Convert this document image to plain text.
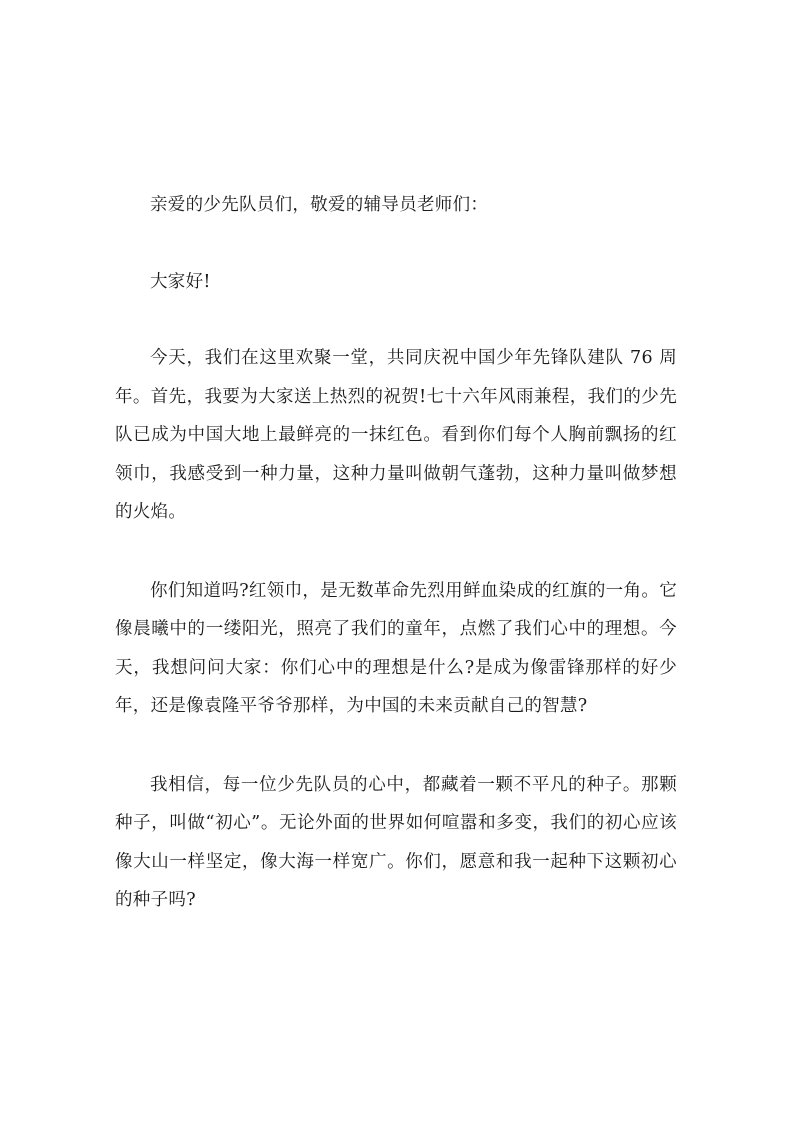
亲爱的少先队员们，敬爱的辅导员老师们：

大家好!

今天，我们在这里欢聚一堂，共同庆祝中国少年先锋队建队 76 周年。首先，我要为大家送上热烈的祝贺!七十六年风雨兼程，我们的少先队已成为中国大地上最鲜亮的一抹红色。看到你们每个人胸前飘扬的红领巾，我感受到一种力量，这种力量叫做朝气蓬勃，这种力量叫做梦想的火焰。

你们知道吗?红领巾，是无数革命先烈用鲜血染成的红旗的一角。它像晨曦中的一缕阳光，照亮了我们的童年，点燃了我们心中的理想。今天，我想问问大家：你们心中的理想是什么?是成为像雷锋那样的好少年，还是像袁隆平爷爷那样，为中国的未来贡献自己的智慧?

我相信，每一位少先队员的心中，都藏着一颗不平凡的种子。那颗种子，叫做“初心”。无论外面的世界如何喧嚣和多变，我们的初心应该像大山一样坚定，像大海一样宽广。你们，愿意和我一起种下这颗初心的种子吗?
